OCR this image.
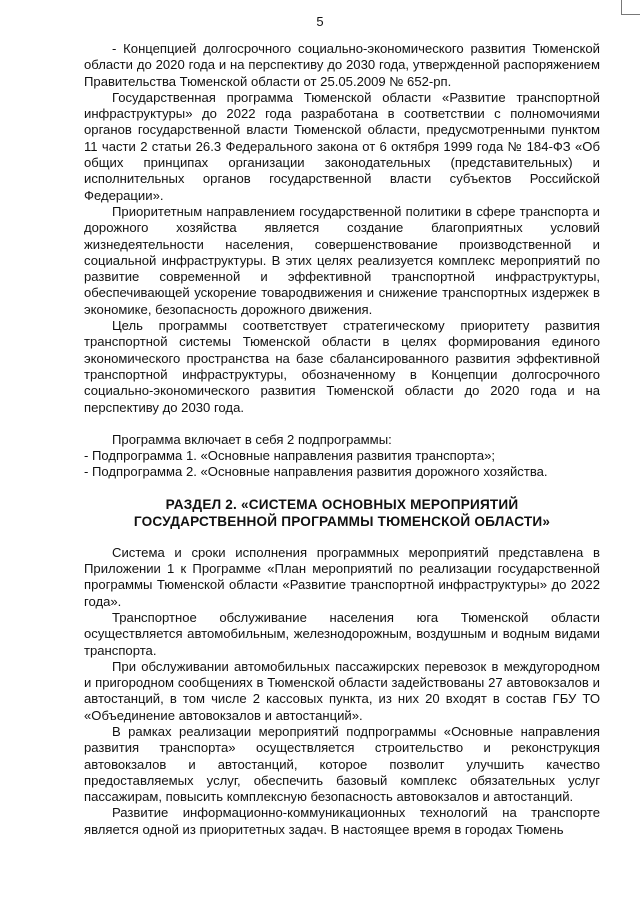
5

- Концепцией долгосрочного социально-экономического развития Тюменской области до 2020 года и на перспективу до 2030 года, утвержденной распоряжением Правительства Тюменской области от 25.05.2009 № 652-рп.

Государственная программа Тюменской области «Развитие транспортной инфраструктуры» до 2022 года разработана в соответствии с полномочиями органов государственной власти Тюменской области, предусмотренными пунктом 11 части 2 статьи 26.3 Федерального закона от 6 октября 1999 года № 184-ФЗ «Об общих принципах организации законодательных (представительных) и исполнительных органов государственной власти субъектов Российской Федерации».

Приоритетным направлением государственной политики в сфере транспорта и дорожного хозяйства является создание благоприятных условий жизнедеятельности населения, совершенствование производственной и социальной инфраструктуры. В этих целях реализуется комплекс мероприятий по развитие современной и эффективной транспортной инфраструктуры, обеспечивающей ускорение товародвижения и снижение транспортных издержек в экономике, безопасность дорожного движения.

Цель программы соответствует стратегическому приоритету развития транспортной системы Тюменской области в целях формирования единого экономического пространства на базе сбалансированного развития эффективной транспортной инфраструктуры, обозначенному в Концепции долгосрочного социально-экономического развития Тюменской области до 2020 года и на перспективу до 2030 года.

Программа включает в себя 2 подпрограммы:

- Подпрограмма 1. «Основные направления развития транспорта»;

- Подпрограмма 2. «Основные направления развития дорожного хозяйства.

РАЗДЕЛ 2. «СИСТЕМА ОСНОВНЫХ МЕРОПРИЯТИЙ
ГОСУДАРСТВЕННОЙ ПРОГРАММЫ ТЮМЕНСКОЙ ОБЛАСТИ»

Система и сроки исполнения программных мероприятий представлена в Приложении 1 к Программе «План мероприятий по реализации государственной программы Тюменской области «Развитие транспортной инфраструктуры» до 2022 года».

Транспортное обслуживание населения юга Тюменской области осуществляется автомобильным, железнодорожным, воздушным и водным видами транспорта.

При обслуживании автомобильных пассажирских перевозок в междугородном и пригородном сообщениях в Тюменской области задействованы 27 автовокзалов и автостанций, в том числе 2 кассовых пункта, из них 20 входят в состав ГБУ ТО «Объединение автовокзалов и автостанций».

В рамках реализации мероприятий подпрограммы «Основные направления развития транспорта» осуществляется строительство и реконструкция автовокзалов и автостанций, которое позволит улучшить качество предоставляемых услуг, обеспечить базовый комплекс обязательных услуг пассажирам, повысить комплексную безопасность автовокзалов и автостанций.

Развитие информационно-коммуникационных технологий на транспорте является одной из приоритетных задач. В настоящее время в городах Тюмень
